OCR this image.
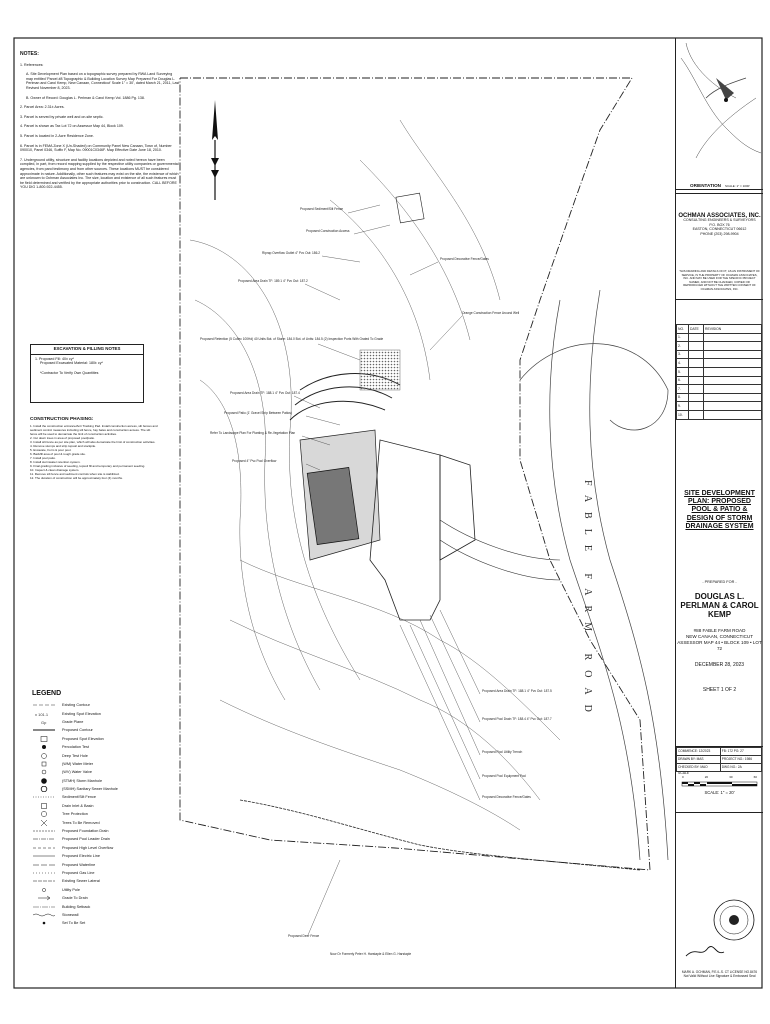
FABLE FARM ROAD
Proposed Sediment/Silt Fence
Proposed Construction Access
Riprap Overflow Outlet 4" Pvc Out: 186.2
Proposed Decorative Fence/Gates
Proposed Area Drain TF: 189.1 4" Pvc Out: 187.2
Proposed Retention (5 Cultec 100Hd) 40 Units Bot. of Stone: 184.0 Bot. of Units: 184.5 (2) Inspection Ports With Grated To Grade
Orange Construction Fence Around Well
Proposed Area Drain TF: 188.1 4" Pvc Out: 187.4
Proposed Patio (1' Gravel Strip Between Patios)
Refer To Landscape Plan For Planting & Re-Vegetation Plan
Proposed 4" Pvc Pool Overflow
Proposed Area Drain TF: 188.1 4" Pvc Out: 187.5
Proposed Pool Drain TF: 188.4 4" Pvc Out: 187.7
Proposed Pool Utility Trench
Proposed Pool Equipment Pad
Proposed Decorative Fence/Gates
Proposed Deer Fence
Now Or Formerly Peter H. Harstaple & Ellen G. Harstaple
NOTES:
1. References:
A. Site Development Plan based on a topographic survey prepared by RWA Land Surveying map entitled 'Parcel #8 Topographic & Building Location Survey Map Prepared For Douglas L. Perlman and Carol Kemp, New Canaan, Connecticut' Scale 1" = 30', dated March 21, 2011, Last Revised November 8, 2023.
B. Owner of Record: Douglas L. Perlman & Carol Kemp Vol. 1886 Pg. 138.
2. Parcel Area: 2.31± Acres.
3. Parcel is served by private well and on-site septic.
4. Parcel is shown as Tax Lot 72 on Assessor Map 44, Block 109.
5. Parcel is located in 2-Acre Residence Zone.
6. Parcel is in FEMA Zone X (Un-Shaded) on Community Panel New Canaan, Town of, Number 090010, Panel 0346, Suffix F, Map No. 09001C0346F. Map Effective Date June 18, 2010.
7. Underground utility, structure and facility locations depicted and noted hereon have been compiled, in part, from record mapping supplied by the respective utility companies or governmental agencies, from parol testimony and from other sources. These locations MUST be considered approximate in nature. Additionally, other such features may exist on the site, the existence of which are unknown to Ochman Associates Inc. The size, location and existence of all such features must be field determined and verified by the appropriate authorities prior to construction. CALL BEFORE YOU DIG 1-800-922-4455.
EXCAVATION & FILLING NOTES
1. Proposed Fill: 40± cy*
Proposed Excavated Material: 180± cy*
*Contractor To Verify Own Quantities
CONSTRUCTION PHASING:
1. Install the construction entrance/Anti Tracking Pad. Install construction access, silt fences and sediment control measures including silt fence, hay bales and construction access. The silt fence will be used to demarcate the limit of construction activities.
2. Cut down trees in area of proposed pool/patio.
3. Install silt fence as per site plan, which will also demarcate the limit of construction activities.
4. Remove stumps and strip topsoil and stockpile.
5. Excavate, Form & pour pool.
6. Backfill area of pool & rough grade site.
7. Install pool patio.
8. Install stormwater retention system.
9. Final grading inclusive of seeding, topsoil fill and temporary and permanent seeding.
10. Inspect & clean drainage system.
11. Remove silt fence and sediment controls when site is stabilized.
12. The duration of construction will be approximately four (4) months.
LEGEND
Existing Contour
x 101.1	Existing Spot Elevation
Gp	Grade Plane
Proposed Contour
Proposed Spot Elevation
Percolation Test
Deep Test Hole
(WM) Water Meter
(WV) Water Valve
(STMH) Storm Manhole
(SSMH) Sanitary Sewer Manhole
Sediment/Silt Fence
Drain Inlet & Basin
Tree Protection
Trees To Be Removed
Proposed Foundation Drain
Proposed Pool Leader Drain
Proposed High Level Overflow
Proposed Electric Line
Proposed Waterline
Proposed Gas Line
Existing Sewer Lateral
Utility Pole
Grade To Drain
Building Setback
Stonewall
Set To Be Set
ORIENTATION SCALE: 1" = 1000'
OCHMAN ASSOCIATES, INC.
CONSULTING ENGINEERS & SURVEYORS
P.O. BOX 76
EASTON, CONNECTICUT 06612
PHONE (203) 298-9904
THIS DRAWING AND DETAILS ON IT, AS AN INSTRUMENT OF SERVICE, IS THE PROPERTY OF OCHMAN ASSOCIATES, INC. AND MAY BE USED FOR THE SPECIFIC PROJECT NAMED, AND NOT BE CHANGED, COPIED OR REPRODUCED WITHOUT THE WRITTEN CONSENT OF OCHMAN ASSOCIATES, INC.
NO.	DATE	REVISION
1.		
2.		
3.		
4.		
5.		
6.		
7.		
8.		
9.		
10.		
SITE DEVELOPMENT PLAN: PROPOSED POOL & PATIO & DESIGN OF STORM DRAINAGE SYSTEM
- PREPARED FOR -
DOUGLAS L. PERLMAN & CAROL KEMP
#88 FABLE FARM ROAD
NEW CANAAN, CONNECTICUT
ASSESSOR MAP 44 • BLOCK 109 • LOT 72
DECEMBER 28, 2023
SHEET 1 OF 2
COMMENCE: 12/2023	FB: 172 PG: 27
DRAWN BY: MAS	PROJECT NO.: 1986
CHECKED BY: MAO	DWG NO.: 2A
SCALE
0	20	30	60
SCALE: 1" = 20'
MARK A. OCHMAN, P.E./L.S. CT LICENSE NO.8476
Not Valid Without Live Signature & Embossed Seal
